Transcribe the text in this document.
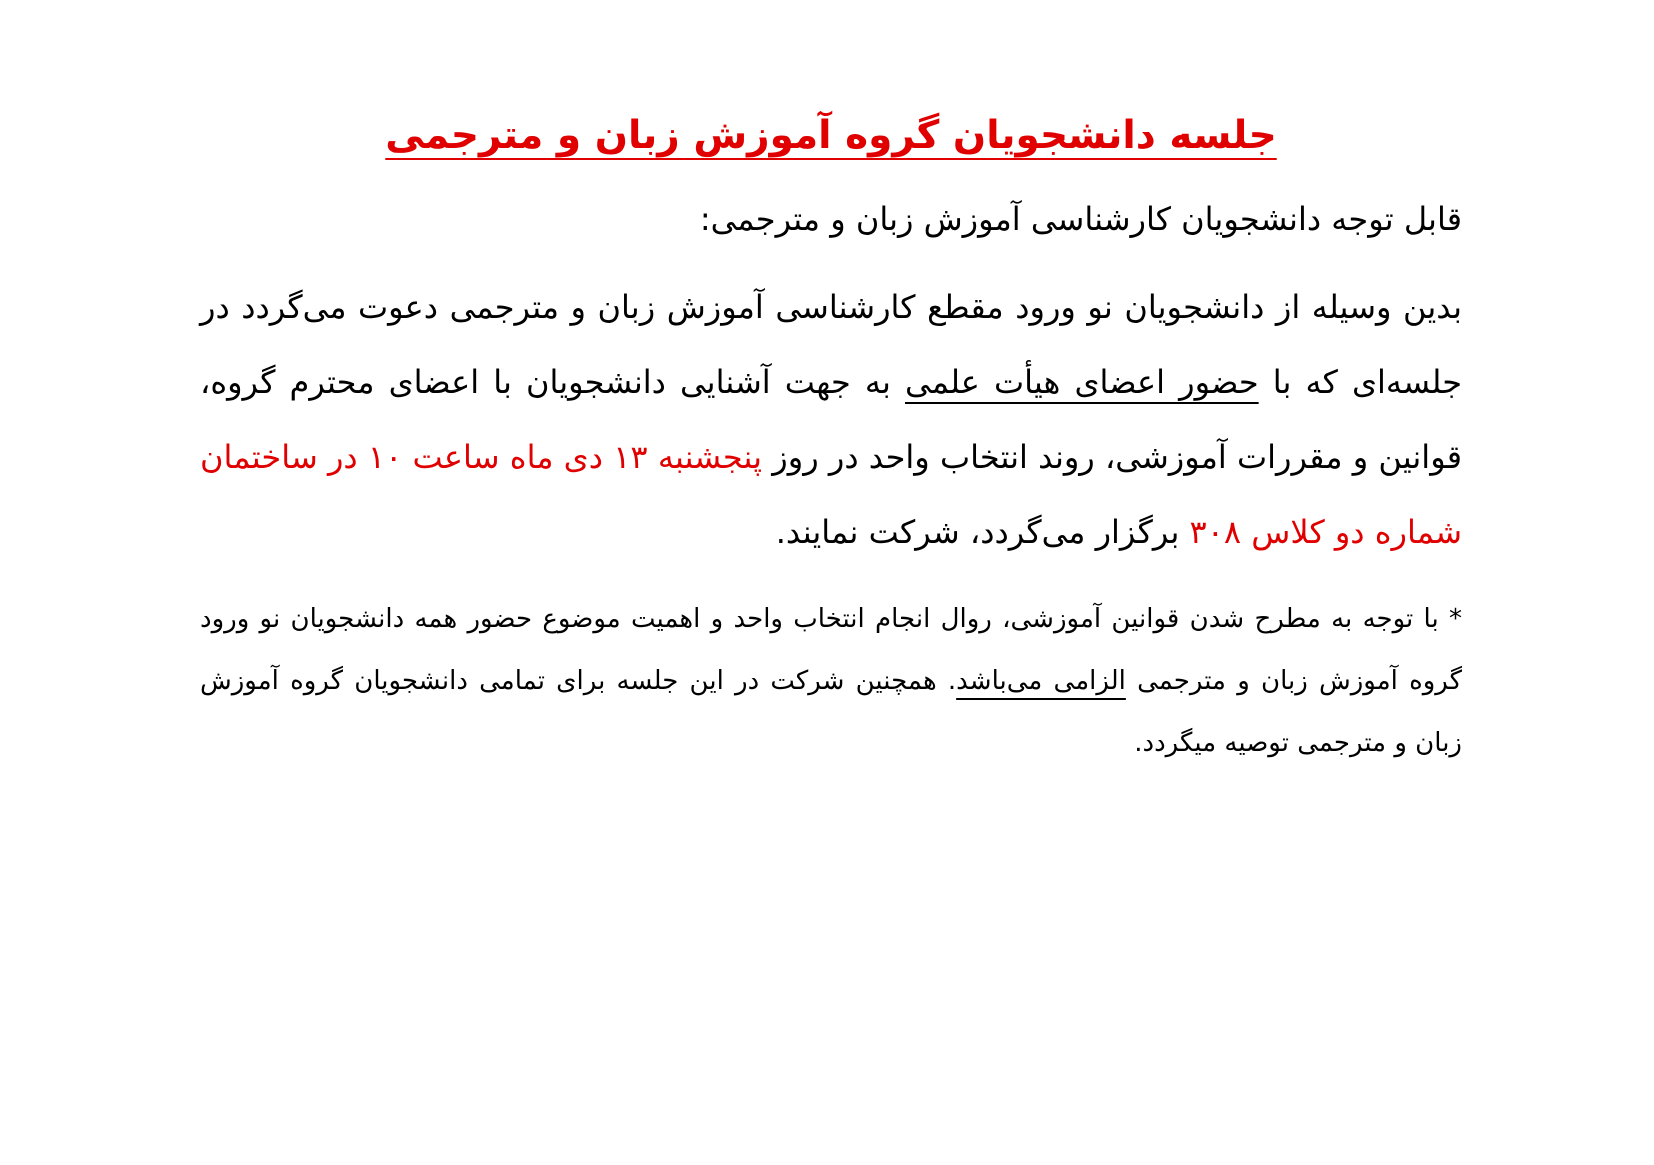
جلسه دانشجویان گروه آموزش زبان و مترجمی

قابل توجه دانشجویان کارشناسی آموزش زبان و مترجمی:

بدین وسیله از دانشجویان نو ورود مقطع کارشناسی آموزش زبان و مترجمی دعوت می‌گردد در جلسه‌ای که با حضور اعضای هیأت علمی به جهت آشنایی دانشجویان با اعضای محترم گروه، قوانین و مقررات آموزشی، روند انتخاب واحد در روز پنجشنبه ۱۳ دی ماه ساعت ۱۰ در ساختمان شماره دو کلاس ۳۰۸ برگزار می‌گردد، شرکت نمایند.

* با توجه به مطرح شدن قوانین آموزشی، روال انجام انتخاب واحد و اهمیت موضوع حضور همه دانشجویان نو ورود گروه آموزش زبان و مترجمی الزامی می‌باشد. همچنین شرکت در این جلسه برای تمامی دانشجویان گروه آموزش زبان و مترجمی توصیه میگردد.
